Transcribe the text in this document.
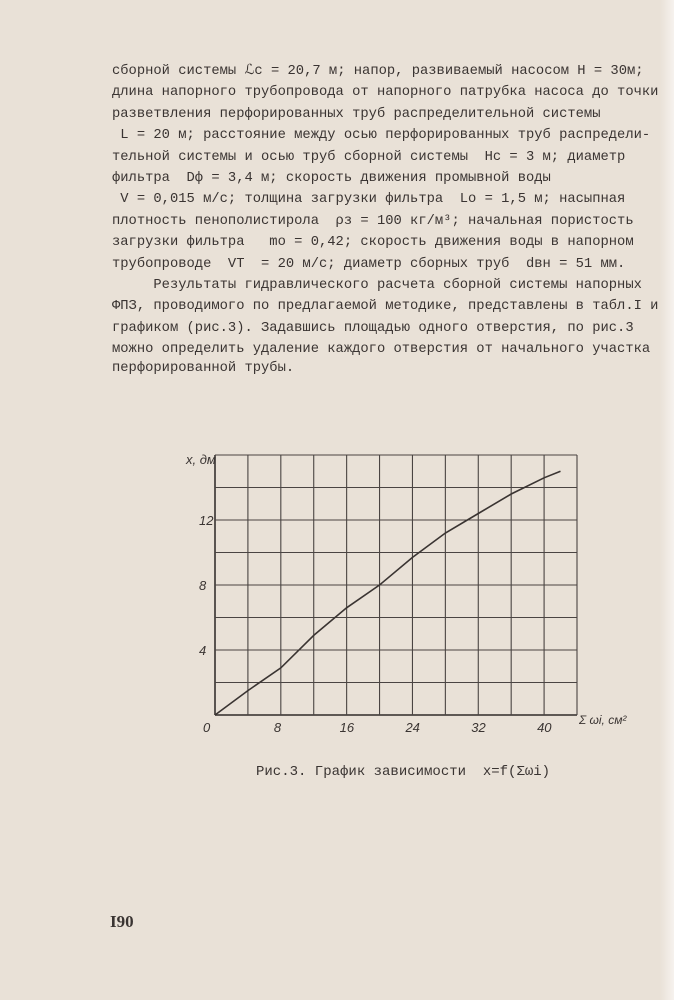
сборной системы ℒc = 20,7 м; напор, развиваемый насосом H = 30м;
длина напорного трубопровода от напорного патрубка насоса до точки
разветвления перфорированных труб распределительной системы
L = 20 м; расстояние между осью перфорированных труб распредели-
тельной системы и осью труб сборной системы  Hc = 3 м; диаметр
фильтра  Dф = 3,4 м; скорость движения промывной воды
V = 0,015 м/с; толщина загрузки фильтра  Lo = 1,5 м; насыпная
плотность пенополистирола  ρз = 100 кг/м³; начальная пористость
загрузки фильтра   mo = 0,42; скорость движения воды в напорном
трубопроводе  VT  = 20 м/с; диаметр сборных труб  dвн = 51 мм.
Результаты гидравлического расчета сборной системы напорных
ФПЗ, проводимого по предлагаемой методике, представлены в табл.I и
графиком (рис.3). Задавшись площадью одного отверстия, по рис.3
можно определить удаление каждого отверстия от начального участка
перфорированной трубы.
0	8	16	24	32	40
4
8
12
x, дм
Σ ωi, см²
Рис.3. График зависимости  x=f(Σωi)
I90
